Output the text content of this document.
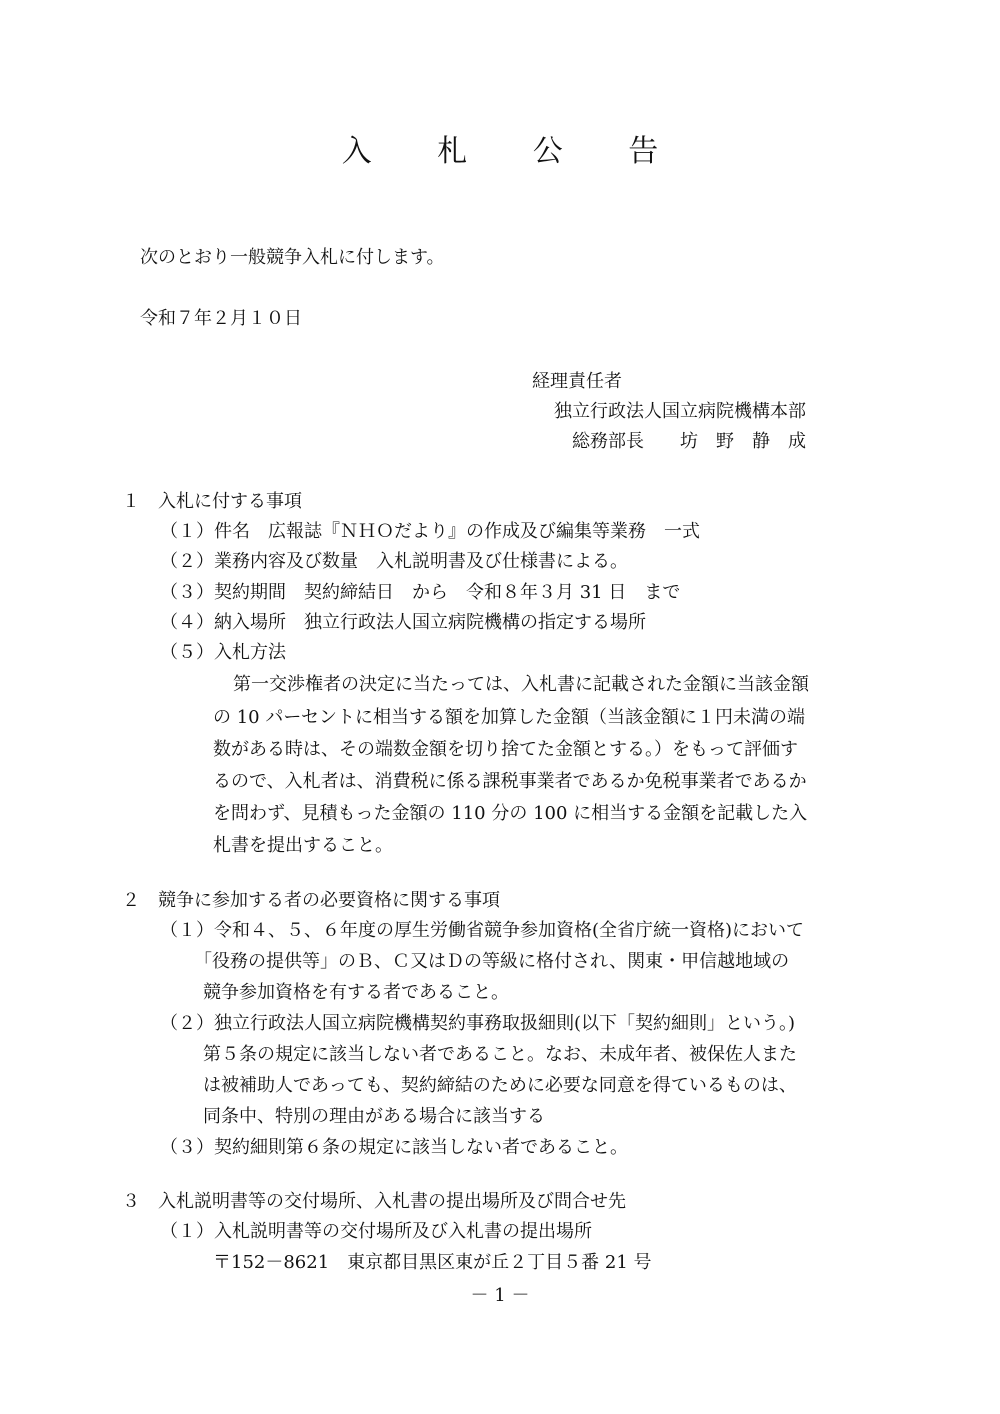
入 札 公 告
次のとおり一般競争入札に付します。
令和７年２月１０日
経理責任者
独立行政法人国立病院機構本部
総務部長　　坊　野　静　成
１　入札に付する事項
（１）件名　広報誌『ＮＨＯだより』の作成及び編集等業務　一式
（２）業務内容及び数量　入札説明書及び仕様書による。
（３）契約期間　契約締結日　から　令和８年３月 31 日　まで
（４）納入場所　独立行政法人国立病院機構の指定する場所
（５）入札方法
第一交渉権者の決定に当たっては、入札書に記載された金額に当該金額
の 10 パーセントに相当する額を加算した金額（当該金額に１円未満の端
数がある時は、その端数金額を切り捨てた金額とする。）をもって評価す
るので、入札者は、消費税に係る課税事業者であるか免税事業者であるか
を問わず、見積もった金額の 110 分の 100 に相当する金額を記載した入
札書を提出すること。
２　競争に参加する者の必要資格に関する事項
（１）令和４、５、６年度の厚生労働省競争参加資格(全省庁統一資格)において
「役務の提供等」のＢ、Ｃ又はＤの等級に格付され、関東・甲信越地域の
競争参加資格を有する者であること。
（２）独立行政法人国立病院機構契約事務取扱細則(以下「契約細則」という。)
第５条の規定に該当しない者であること。なお、未成年者、被保佐人また
は被補助人であっても、契約締結のために必要な同意を得ているものは、
同条中、特別の理由がある場合に該当する
（３）契約細則第６条の規定に該当しない者であること。
３　入札説明書等の交付場所、入札書の提出場所及び問合せ先
（１）入札説明書等の交付場所及び入札書の提出場所
〒152－8621　東京都目黒区東が丘２丁目５番 21 号
－ 1 －
